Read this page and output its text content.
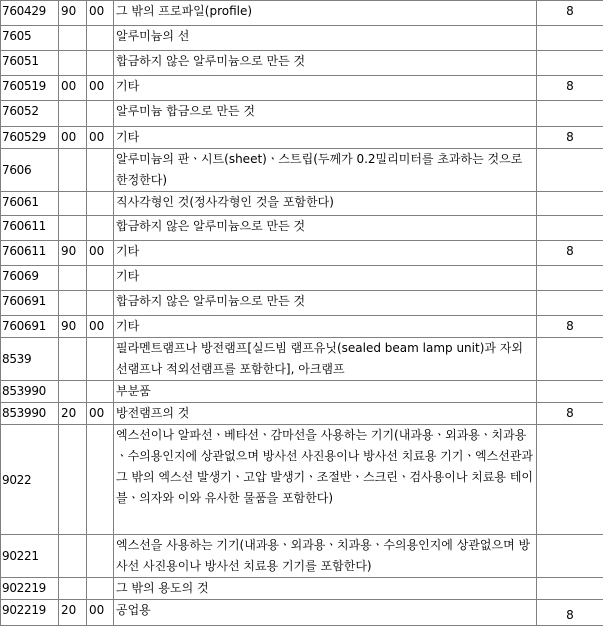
760429	90	00	그 밖의 프로파일(profile)	8
7605			알루미늄의 선	
76051			합금하지 않은 알루미늄으로 만든 것	
760519	00	00	기타	8
76052			알루미늄 합금으로 만든 것	
760529	00	00	기타	8
7606			알루미늄의 판ㆍ시트(sheet)ㆍ스트립(두께가 0.2밀리미터를 초과하는 것으로 한정한다)	
76061			직사각형인 것(정사각형인 것을 포함한다)	
760611			합금하지 않은 알루미늄으로 만든 것	
760611	90	00	기타	8
76069			기타	
760691			합금하지 않은 알루미늄으로 만든 것	
760691	90	00	기타	8
8539			필라멘트램프나 방전램프[실드빔 램프유닛(sealed beam lamp unit)과 자외선램프나 적외선램프를 포함한다], 아크램프	
853990			부분품	
853990	20	00	방전램프의 것	8
9022			엑스선이나 알파선ㆍ베타선ㆍ감마선을 사용하는 기기(내과용ㆍ외과용ㆍ치과용ㆍ수의용인지에 상관없으며 방사선 사진용이나 방사선 치료용 기기ㆍ엑스선관과 그 밖의 엑스선 발생기ㆍ고압 발생기ㆍ조절반ㆍ스크린ㆍ검사용이나 치료용 테이블ㆍ의자와 이와 유사한 물품을 포함한다)	
90221			엑스선을 사용하는 기기(내과용ㆍ외과용ㆍ치과용ㆍ수의용인지에 상관없으며 방사선 사진용이나 방사선 치료용 기기를 포함한다)	
902219			그 밖의 용도의 것	
902219	20	00	공업용	8
